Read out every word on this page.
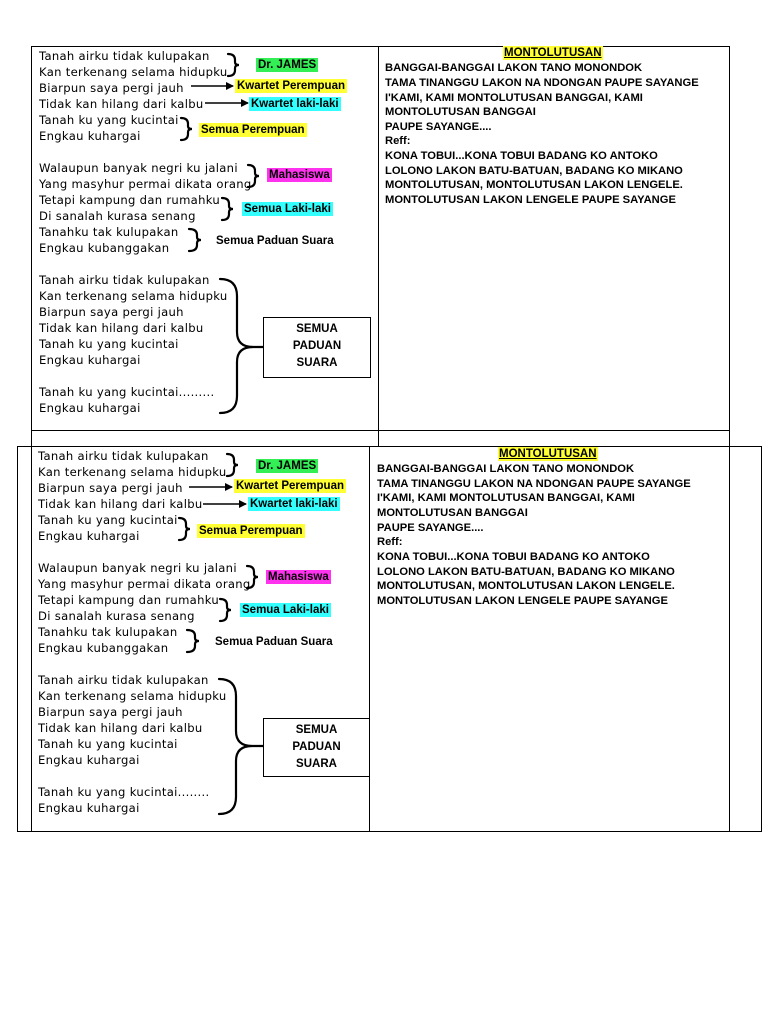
Tanah airku tidak kulupakan
Kan terkenang selama hidupku
Biarpun saya pergi jauh
Tidak kan hilang dari kalbu
Tanah ku yang kucintai
Engkau kuhargai
Walaupun banyak negri ku jalani
Yang masyhur permai dikata orang
Tetapi kampung dan rumahku
Di sanalah kurasa senang
Tanahku tak kulupakan
Engkau kubanggakan
Tanah airku tidak kulupakan
Kan terkenang selama hidupku
Biarpun saya pergi jauh
Tidak kan hilang dari kalbu
Tanah ku yang kucintai
Engkau kuhargai
Tanah ku yang kucintai.........
Engkau kuhargai
Dr. JAMES
Kwartet Perempuan
Kwartet laki-laki
Semua Perempuan
Mahasiswa
Semua Laki-laki
Semua Paduan Suara
SEMUA
PADUAN
SUARA
MONTOLUTUSAN
BANGGAI-BANGGAI LAKON TANO MONONDOK
TAMA TINANGGU LAKON NA NDONGAN PAUPE SAYANGE
I'KAMI, KAMI MONTOLUTUSAN BANGGAI, KAMI
MONTOLUTUSAN BANGGAI
PAUPE SAYANGE....
Reff:
KONA TOBUI...KONA TOBUI BADANG KO ANTOKO
LOLONO LAKON BATU-BATUAN, BADANG KO MIKANO
MONTOLUTUSAN, MONTOLUTUSAN LAKON LENGELE.
MONTOLUTUSAN LAKON LENGELE PAUPE SAYANGE
Tanah airku tidak kulupakan
Kan terkenang selama hidupku
Biarpun saya pergi jauh
Tidak kan hilang dari kalbu
Tanah ku yang kucintai
Engkau kuhargai
Walaupun banyak negri ku jalani
Yang masyhur permai dikata orang
Tetapi kampung dan rumahku
Di sanalah kurasa senang
Tanahku tak kulupakan
Engkau kubanggakan
Tanah airku tidak kulupakan
Kan terkenang selama hidupku
Biarpun saya pergi jauh
Tidak kan hilang dari kalbu
Tanah ku yang kucintai
Engkau kuhargai
Tanah ku yang kucintai........
Engkau kuhargai
Dr. JAMES
Kwartet Perempuan
Kwartet laki-laki
Semua Perempuan
Mahasiswa
Semua Laki-laki
Semua Paduan Suara
SEMUA
PADUAN
SUARA
MONTOLUTUSAN
BANGGAI-BANGGAI LAKON TANO MONONDOK
TAMA TINANGGU LAKON NA NDONGAN PAUPE SAYANGE
I'KAMI, KAMI MONTOLUTUSAN BANGGAI, KAMI
MONTOLUTUSAN BANGGAI
PAUPE SAYANGE....
Reff:
KONA TOBUI...KONA TOBUI BADANG KO ANTOKO
LOLONO LAKON BATU-BATUAN, BADANG KO MIKANO
MONTOLUTUSAN, MONTOLUTUSAN LAKON LENGELE.
MONTOLUTUSAN LAKON LENGELE PAUPE SAYANGE
